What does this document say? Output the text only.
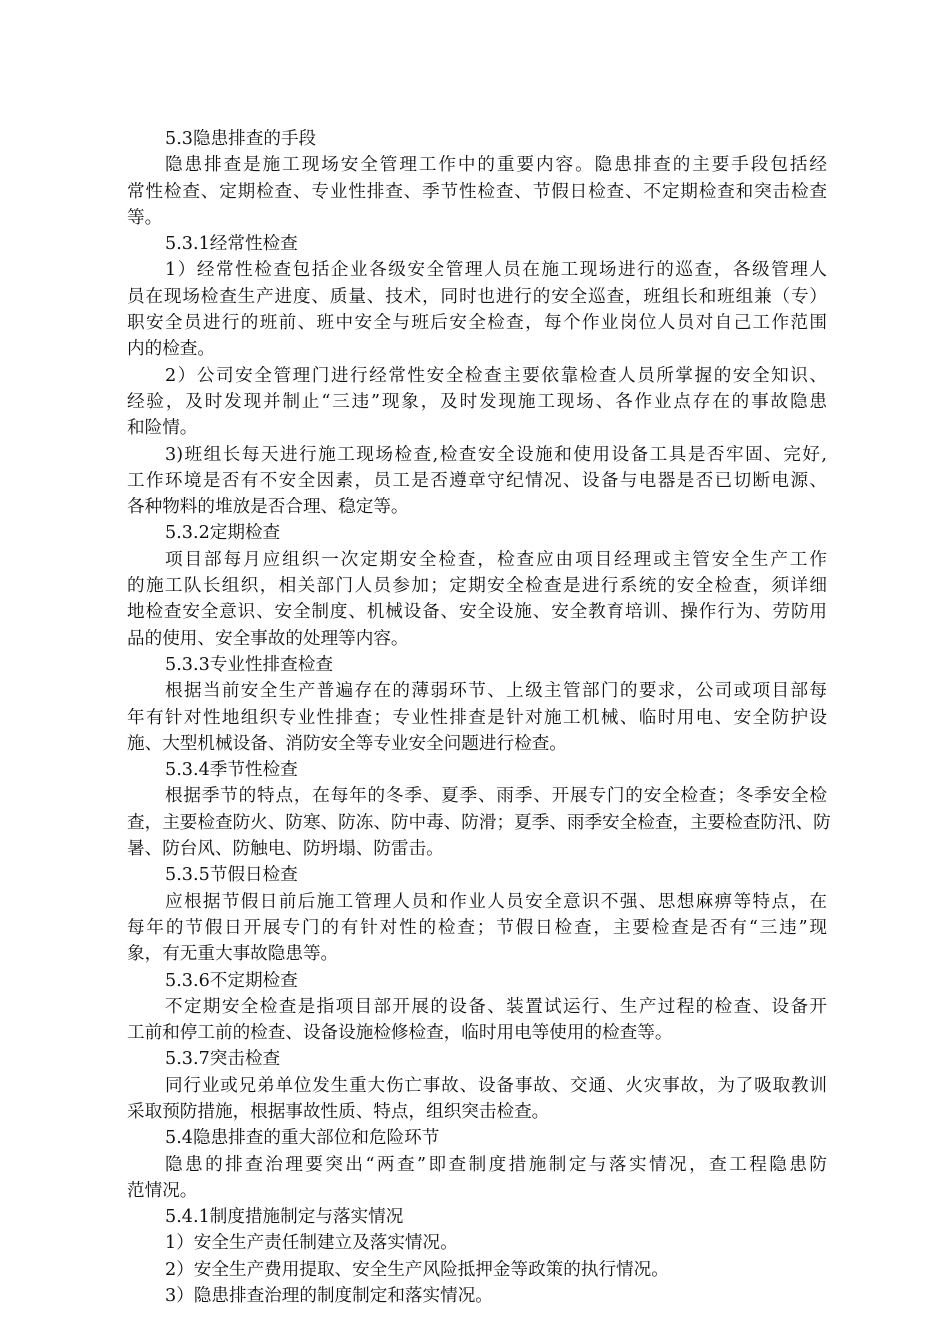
5.3隐患排查的手段
隐患排查是施工现场安全管理工作中的重要内容。隐患排查的主要手段包括经
常性检查、定期检查、专业性排查、季节性检查、节假日检查、不定期检查和突击检查
等。
5.3.1经常性检查
1）经常性检查包括企业各级安全管理人员在施工现场进行的巡查，各级管理人
员在现场检查生产进度、质量、技术，同时也进行的安全巡查，班组长和班组兼（专）
职安全员进行的班前、班中安全与班后安全检查，每个作业岗位人员对自己工作范围
内的检查。
2）公司安全管理门进行经常性安全检查主要依靠检查人员所掌握的安全知识、
经验，及时发现并制止“三违”现象，及时发现施工现场、各作业点存在的事故隐患
和险情。
3)班组长每天进行施工现场检查,检查安全设施和使用设备工具是否牢固、完好,
工作环境是否有不安全因素，员工是否遵章守纪情况、设备与电器是否已切断电源、
各种物料的堆放是否合理、稳定等。
5.3.2定期检查
项目部每月应组织一次定期安全检查，检查应由项目经理或主管安全生产工作
的施工队长组织，相关部门人员参加；定期安全检查是进行系统的安全检查，须详细
地检查安全意识、安全制度、机械设备、安全设施、安全教育培训、操作行为、劳防用
品的使用、安全事故的处理等内容。
5.3.3专业性排查检查
根据当前安全生产普遍存在的薄弱环节、上级主管部门的要求，公司或项目部每
年有针对性地组织专业性排查；专业性排查是针对施工机械、临时用电、安全防护设
施、大型机械设备、消防安全等专业安全问题进行检查。
5.3.4季节性检查
根据季节的特点，在每年的冬季、夏季、雨季、开展专门的安全检查；冬季安全检
查，主要检查防火、防寒、防冻、防中毒、防滑；夏季、雨季安全检查，主要检查防汛、防
暑、防台风、防触电、防坍塌、防雷击。
5.3.5节假日检查
应根据节假日前后施工管理人员和作业人员安全意识不强、思想麻痹等特点，在
每年的节假日开展专门的有针对性的检查；节假日检查，主要检查是否有“三违”现
象，有无重大事故隐患等。
5.3.6不定期检查
不定期安全检查是指项目部开展的设备、装置试运行、生产过程的检查、设备开
工前和停工前的检查、设备设施检修检查，临时用电等使用的检查等。
5.3.7突击检查
同行业或兄弟单位发生重大伤亡事故、设备事故、交通、火灾事故，为了吸取教训
采取预防措施，根据事故性质、特点，组织突击检查。
5.4隐患排查的重大部位和危险环节
隐患的排查治理要突出“两查”即查制度措施制定与落实情况，查工程隐患防
范情况。
5.4.1制度措施制定与落实情况
1）安全生产责任制建立及落实情况。
2）安全生产费用提取、安全生产风险抵押金等政策的执行情况。
3）隐患排查治理的制度制定和落实情况。
